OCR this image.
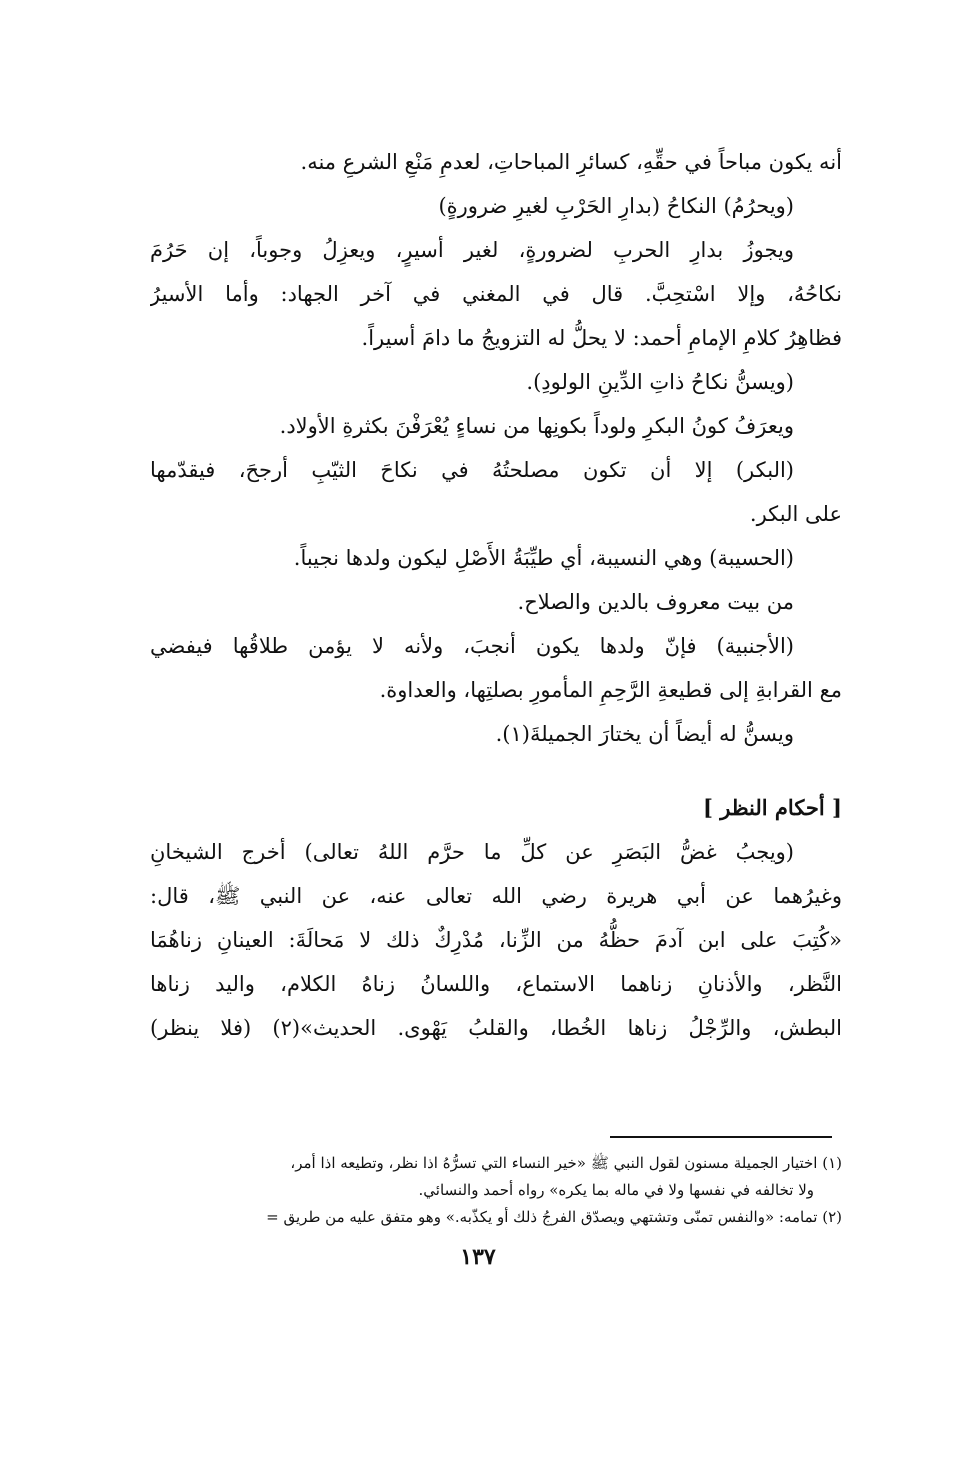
أنه يكون مباحاً في حقِّهِ، كسائرِ المباحاتِ، لعدمِ مَنْعِ الشرعِ منه.
(ويحرُمُ) النكاحُ (بدارِ الحَرْبِ لغيرِ ضرورةٍ)
ويجوزُ بدارِ الحربِ لضرورةٍ، لغير أسيرٍ، ويعزِلُ وجوباً، إن حَرُمَ
نكاحُهُ، وإلا اسْتحِبَّ. قال في المغني في آخر الجهاد: وأما الأسيرُ
فظاهِرُ كلامِ الإمامِ أحمد: لا يحلُّ له التزويجُ ما دامَ أسيراً.
(ويسنُّ نكاحُ ذاتِ الدِّينِ الولودِ).
ويعرَفُ كونُ البكرِ ولوداً بكونِها من نساءٍ يُعْرَفْنَ بكثرةِ الأولاد.
(البكر) إلا أن تكون مصلحتُهُ في نكاحَ الثيّبِ أرجحَ، فيقدّمها
على البكر.
(الحسيبة) وهي النسيبة، أي طيِّبَةُ الأَصْلِ ليكون ولدها نجيباً.
من بيت معروف بالدين والصلاح.
(الأجنبية) فإنّ ولدها يكون أنجبَ، ولأنه لا يؤمن طلاقُها فيفضي
مع القرابةِ إلى قطيعةِ الرَّحِمِ المأمورِ بصلتِها، والعداوة.
ويسنُّ له أيضاً أن يختارَ الجميلةَ(١).
[ أحكام النظر ]
(ويجبُ غضُّ البَصَرِ عن كلِّ ما حرَّم اللهُ تعالى) أخرج الشيخانِ
وغيرُهما عن أبي هريرة رضي الله تعالى عنه، عن النبي ﷺ، قال:
«كُتِبَ على ابن آدمَ حظُّهُ من الزِّنا، مُدْرِكٌ ذلك لا مَحالَةَ: العينانِ زناهُمَا
النَّظر، والأذنانِ زناهما الاستماع، واللسانُ زناهُ الكلام، واليد زناها
البطش، والرِّجْلُ زناها الخُطا، والقلبُ يَهْوى. الحديث»(٢) (فلا ينظر)
(١) اختيار الجميلة مسنون لقول النبي ﷺ «خير النساء التي تسرُّهُ اذا نظر، وتطيعه اذا أمر،
ولا تخالفه في نفسها ولا في ماله بما يكره» رواه أحمد والنسائي.
(٢) تمامه: «والنفس تمنّى وتشتهي ويصدّق الفرجُ ذلك أو يكذّبه.» وهو متفق عليه من طريق =
١٣٧
